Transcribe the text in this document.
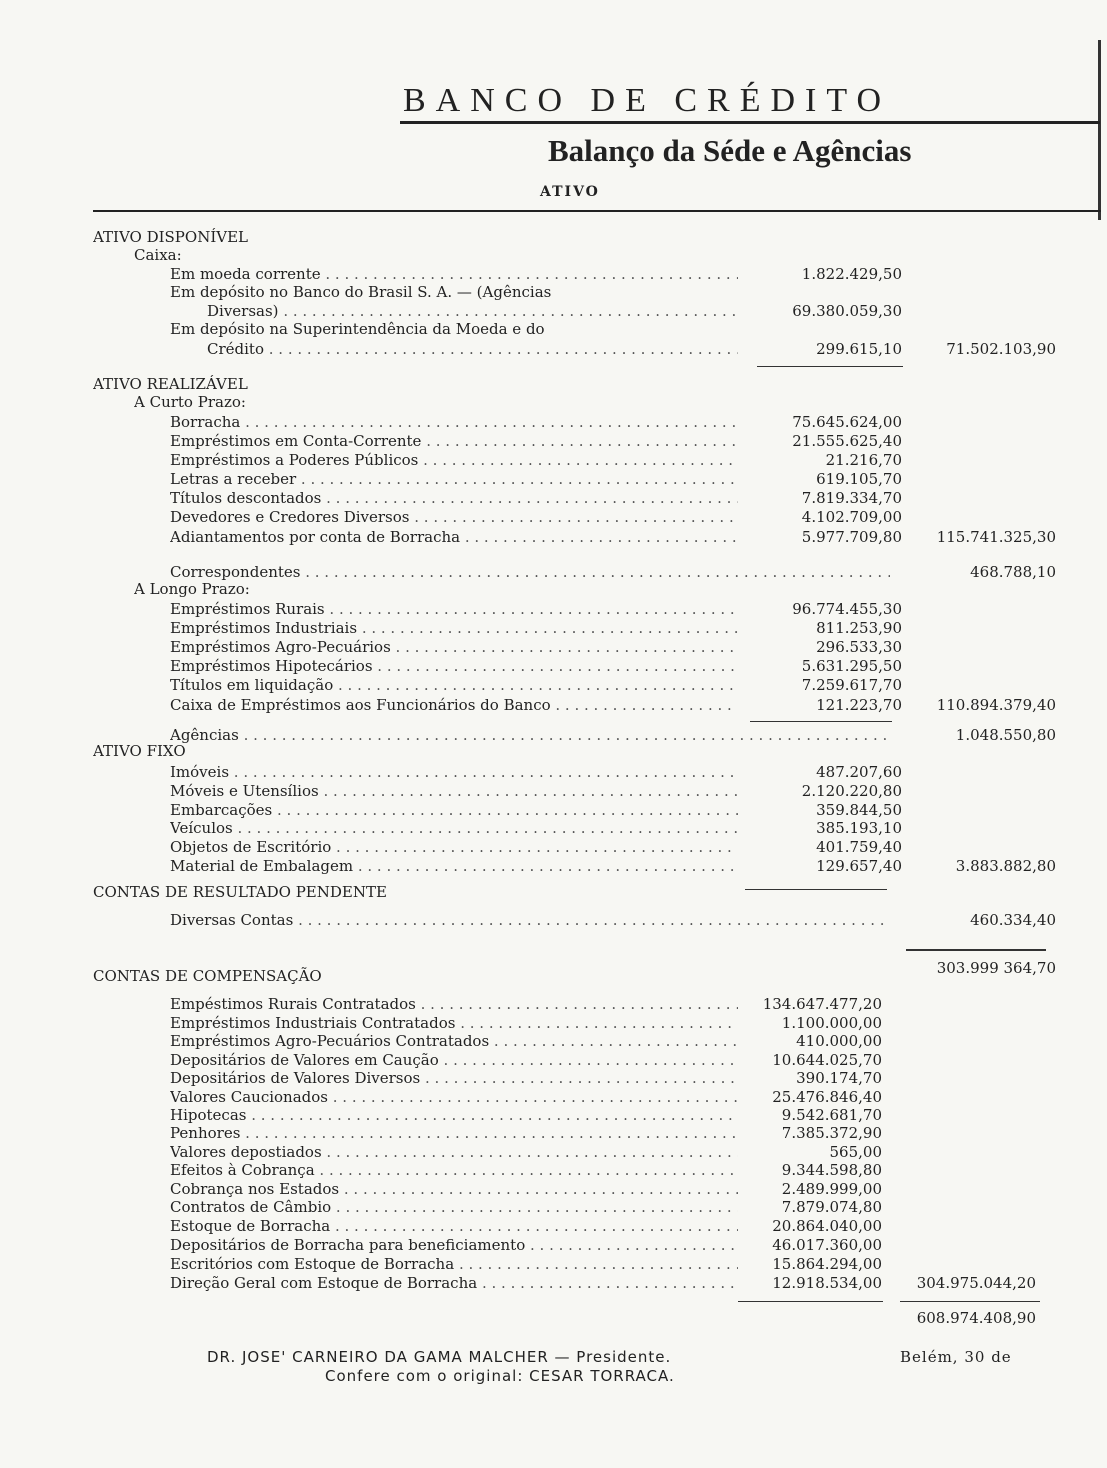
BANCO DE CRÉDITO
Balanço da Séde e Agências
ATIVO
ATIVO DISPONÍVEL
Caixa:
Em moeda corrente . . .	1.822.429,50
Em depósito no Banco do Brasil S. A. — (Agências
Diversas) . . .	69.380.059,30
Em depósito na Superintendência da Moeda e do
Crédito . . .	299.615,10	71.502.103,90
ATIVO REALIZÁVEL
A Curto Prazo:
Borracha . . .	75.645.624,00
Empréstimos em Conta-Corrente . . .	21.555.625,40
Empréstimos a Poderes Públicos . . .	21.216,70
Letras a receber . . .	619.105,70
Títulos descontados . . .	7.819.334,70
Devedores e Credores Diversos . . .	4.102.709,00
Adiantamentos por conta de Borracha . . .	5.977.709,80	115.741.325,30
Correspondentes . . .	468.788,10
A Longo Prazo:
Empréstimos Rurais . . .	96.774.455,30
Empréstimos Industriais . . .	811.253,90
Empréstimos Agro-Pecuários . . .	296.533,30
Empréstimos Hipotecários . . .	5.631.295,50
Títulos em liquidação . . .	7.259.617,70
Caixa de Empréstimos aos Funcionários do Banco . . .	121.223,70	110.894.379,40
Agências . . .	1.048.550,80
ATIVO FIXO
Imóveis . . .	487.207,60
Móveis e Utensílios . . .	2.120.220,80
Embarcações . . .	359.844,50
Veículos . . .	385.193,10
Objetos de Escritório . . .	401.759,40
Material de Embalagem . . .	129.657,40	3.883.882,80
CONTAS DE RESULTADO PENDENTE
Diversas Contas . . .	460.334,40
303.999 364,70
CONTAS DE COMPENSAÇÃO
Empéstimos Rurais Contratados . . .	134.647.477,20
Empréstimos Industriais Contratados . . .	1.100.000,00
Empréstimos Agro-Pecuários Contratados . . .	410.000,00
Depositários de Valores em Caução . . .	10.644.025,70
Depositários de Valores Diversos . . .	390.174,70
Valores Caucionados . . .	25.476.846,40
Hipotecas . . .	9.542.681,70
Penhores . . .	7.385.372,90
Valores depostiados . . .	565,00
Efeitos à Cobrança . . .	9.344.598,80
Cobrança nos Estados . . .	2.489.999,00
Contratos de Câmbio . . .	7.879.074,80
Estoque de Borracha . . .	20.864.040,00
Depositários de Borracha para beneficiamento . . .	46.017.360,00
Escritórios com Estoque de Borracha . . .	15.864.294,00
Direção Geral com Estoque de Borracha . . .	12.918.534,00	304.975.044,20
608.974.408,90
DR. JOSE' CARNEIRO DA GAMA MALCHER — Presidente.
Confere com o original: CESAR TORRACA.
Belém, 30 de
